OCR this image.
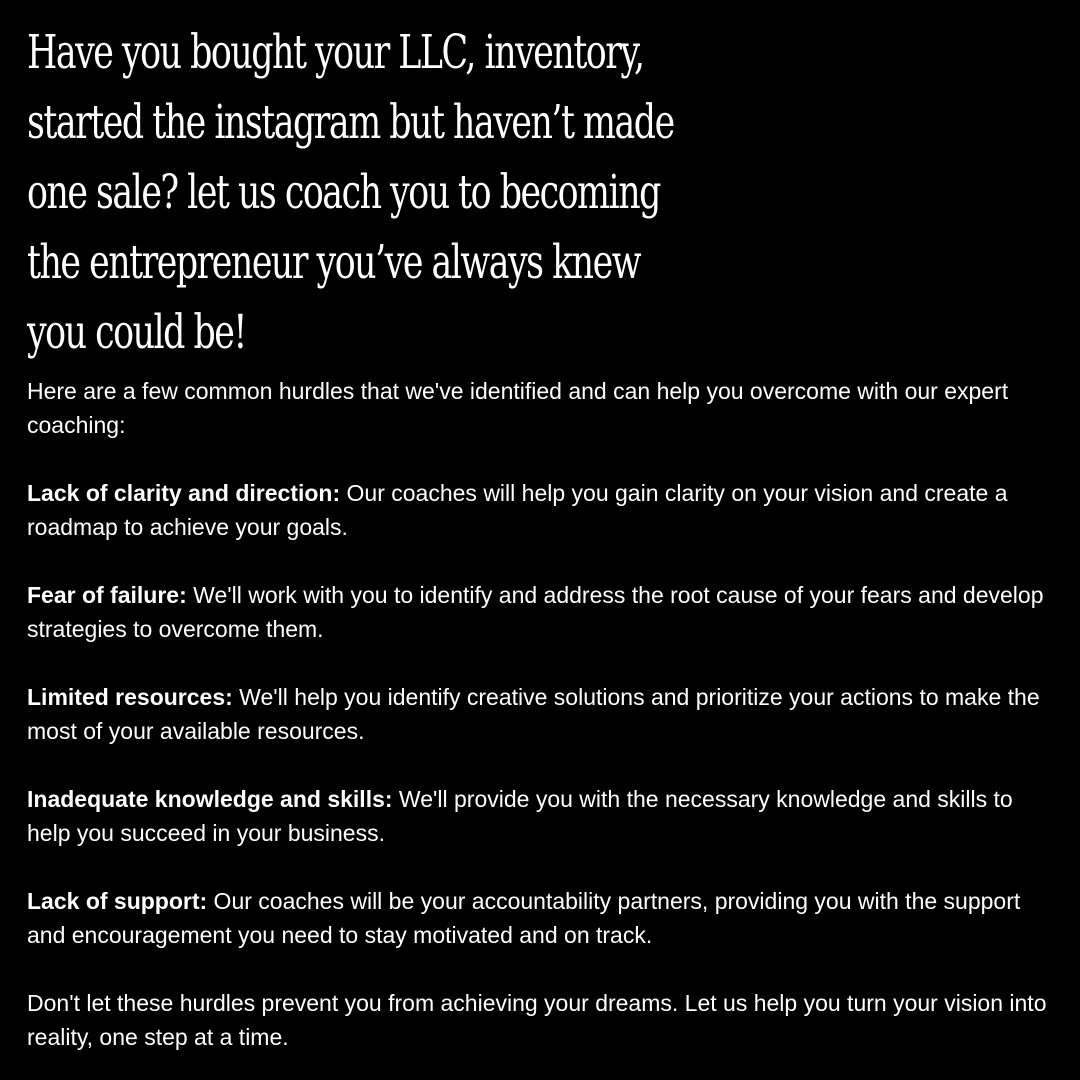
Have you bought your LLC, inventory,
started the instagram but haven’t made
one sale? let us coach you to becoming
the entrepreneur you’ve always knew
you could be!

Here are a few common hurdles that we've identified and can help you overcome with our expert coaching:

Lack of clarity and direction: Our coaches will help you gain clarity on your vision and create a roadmap to achieve your goals.

Fear of failure: We'll work with you to identify and address the root cause of your fears and develop strategies to overcome them.

Limited resources: We'll help you identify creative solutions and prioritize your actions to make the most of your available resources.

Inadequate knowledge and skills: We'll provide you with the necessary knowledge and skills to help you succeed in your business.

Lack of support: Our coaches will be your accountability partners, providing you with the support and encouragement you need to stay motivated and on track.

Don't let these hurdles prevent you from achieving your dreams. Let us help you turn your vision into reality, one step at a time.
